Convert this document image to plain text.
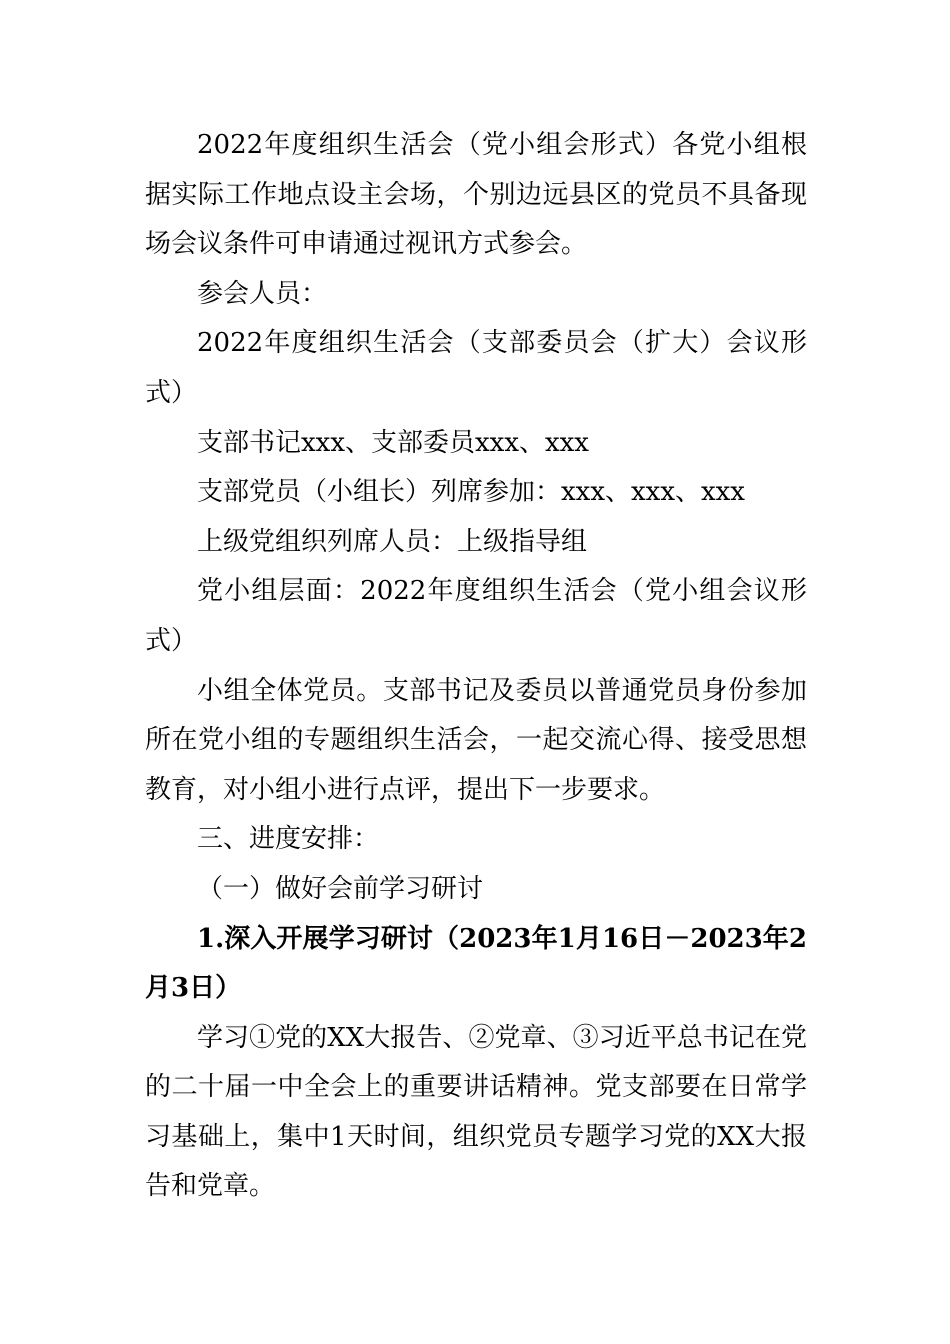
2022年度组织生活会（党小组会形式）各党小组根据实际工作地点设主会场，个别边远县区的党员不具备现场会议条件可申请通过视讯方式参会。

参会人员：

2022年度组织生活会（支部委员会（扩大）会议形式）

支部书记xxx、支部委员xxx、xxx

支部党员（小组长）列席参加：xxx、xxx、xxx

上级党组织列席人员：上级指导组

党小组层面：2022年度组织生活会（党小组会议形式）

小组全体党员。支部书记及委员以普通党员身份参加所在党小组的专题组织生活会，一起交流心得、接受思想教育，对小组小进行点评，提出下一步要求。

三、进度安排：

（一）做好会前学习研讨

1.深入开展学习研讨（2023年1月16日－2023年2月3日）

学习①党的XX大报告、②党章、③习近平总书记在党的二十届一中全会上的重要讲话精神。党支部要在日常学习基础上，集中1天时间，组织党员专题学习党的XX大报告和党章。
